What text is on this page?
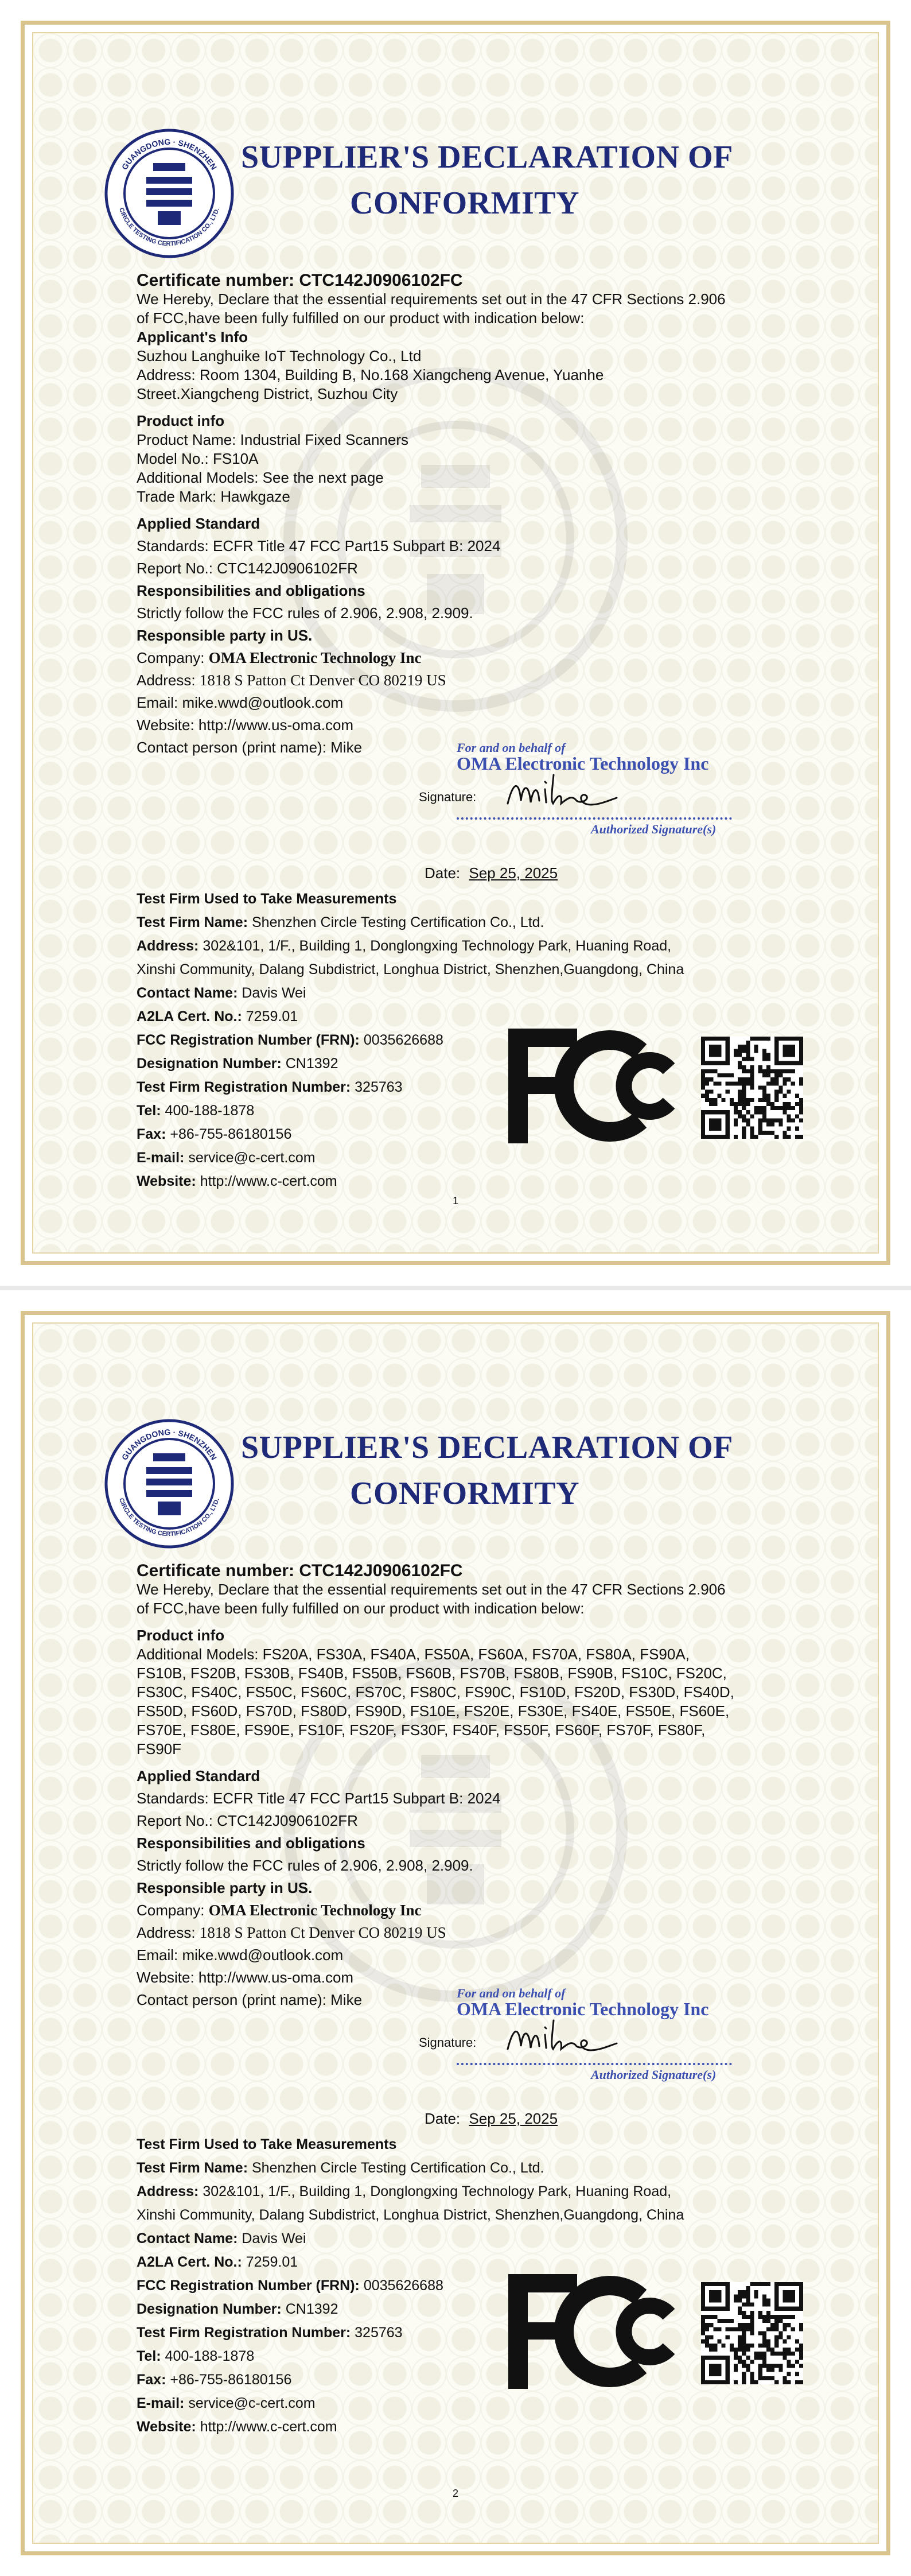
GUANGDONG · SHENZHEN
CIRCLE TESTING CERTIFICATION CO., LTD.
SUPPLIER'S DECLARATION OF
CONFORMITY

Certificate number: CTC142J0906102FC

We Hereby, Declare that the essential requirements set out in the 47 CFR Sections 2.906

of FCC,have been fully fulfilled on our product with indication below:

Applicant's Info

Suzhou Langhuike IoT Technology Co., Ltd

Address: Room 1304, Building B, No.168 Xiangcheng Avenue, Yuanhe

Street.Xiangcheng District, Suzhou City

Product info

Product Name: Industrial Fixed Scanners

Model No.: FS10A

Additional Models: See the next page

Trade Mark: Hawkgaze

Applied Standard

Standards: ECFR Title 47 FCC Part15 Subpart B: 2024

Report No.: CTC142J0906102FR

Responsibilities and obligations

Strictly follow the FCC rules of 2.906, 2.908, 2.909.

Responsible party in US.

Company: OMA Electronic Technology Inc

Address: 1818 S Patton Ct Denver CO 80219 US

Email: mike.wwd@outlook.com

Website: http://www.us-oma.com

Contact person (print name): Mike	For and on behalf of
OMA Electronic Technology Inc
Signature:
Authorized Signature(s)
Date: Sep 25, 2025

Test Firm Used to Take Measurements

Test Firm Name: Shenzhen Circle Testing Certification Co., Ltd.

Address: 302&101, 1/F., Building 1, Donglongxing Technology Park, Huaning Road,

Xinshi Community, Dalang Subdistrict, Longhua District, Shenzhen,Guangdong, China

Contact Name: Davis Wei

A2LA Cert. No.: 7259.01

FCC Registration Number (FRN): 0035626688

Designation Number: CN1392

Test Firm Registration Number: 325763

Tel: 400-188-1878

Fax: +86-755-86180156

E-mail: service@c-cert.com

Website: http://www.c-cert.com

1
GUANGDONG · SHENZHEN
CIRCLE TESTING CERTIFICATION CO., LTD.
SUPPLIER'S DECLARATION OF
CONFORMITY

Certificate number: CTC142J0906102FC

We Hereby, Declare that the essential requirements set out in the 47 CFR Sections 2.906

of FCC,have been fully fulfilled on our product with indication below:

Product info

Additional Models: FS20A, FS30A, FS40A, FS50A, FS60A, FS70A, FS80A, FS90A,

FS10B, FS20B, FS30B, FS40B, FS50B, FS60B, FS70B, FS80B, FS90B, FS10C, FS20C,

FS30C, FS40C, FS50C, FS60C, FS70C, FS80C, FS90C, FS10D, FS20D, FS30D, FS40D,

FS50D, FS60D, FS70D, FS80D, FS90D, FS10E, FS20E, FS30E, FS40E, FS50E, FS60E,

FS70E, FS80E, FS90E, FS10F, FS20F, FS30F, FS40F, FS50F, FS60F, FS70F, FS80F,

FS90F

Applied Standard

Standards: ECFR Title 47 FCC Part15 Subpart B: 2024

Report No.: CTC142J0906102FR

Responsibilities and obligations

Strictly follow the FCC rules of 2.906, 2.908, 2.909.

Responsible party in US.

Company: OMA Electronic Technology Inc

Address: 1818 S Patton Ct Denver CO 80219 US

Email: mike.wwd@outlook.com

Website: http://www.us-oma.com

Contact person (print name): Mike	For and on behalf of
OMA Electronic Technology Inc
Signature:
Authorized Signature(s)
Date: Sep 25, 2025

Test Firm Used to Take Measurements

Test Firm Name: Shenzhen Circle Testing Certification Co., Ltd.

Address: 302&101, 1/F., Building 1, Donglongxing Technology Park, Huaning Road,

Xinshi Community, Dalang Subdistrict, Longhua District, Shenzhen,Guangdong, China

Contact Name: Davis Wei

A2LA Cert. No.: 7259.01

FCC Registration Number (FRN): 0035626688

Designation Number: CN1392

Test Firm Registration Number: 325763

Tel: 400-188-1878

Fax: +86-755-86180156

E-mail: service@c-cert.com

Website: http://www.c-cert.com

2
